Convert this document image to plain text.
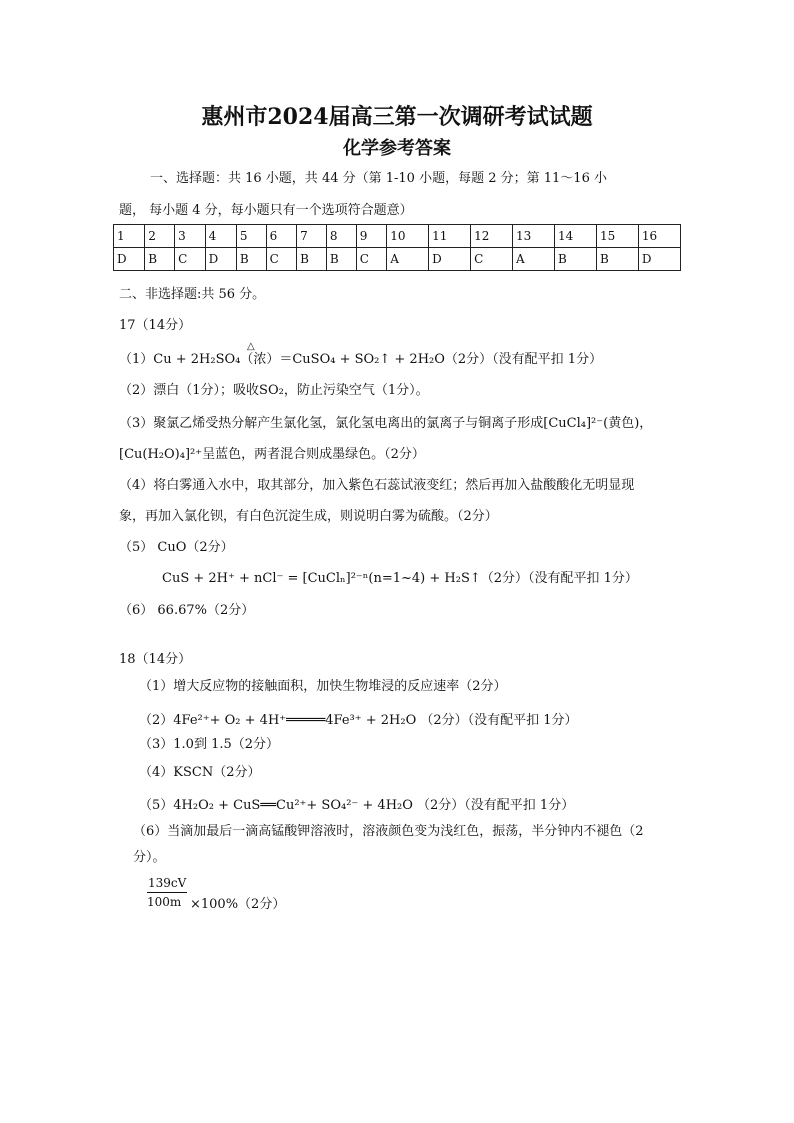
惠州市2024届高三第一次调研考试试题
化学参考答案
一、选择题：共 16 小题，共 44 分（第 1-10 小题，每题 2 分；第 11～16 小
题， 每小题 4 分，每小题只有一个选项符合题意）
1	2	3	4	5	6	7	8	9	10	11	12	13	14	15	16
D	B	C	D	B	C	B	B	C	A	D	C	A	B	B	D
二、非选择题:共 56 分。
17（14分）
△
（1）Cu + 2H₂SO₄（浓）＝CuSO₄ + SO₂↑ + 2H₂O（2分）（没有配平扣 1分）
（2）漂白（1分）；吸收SO₂，防止污染空气（1分）。
（3）聚氯乙烯受热分解产生氯化氢，氯化氢电离出的氯离子与铜离子形成[CuCl₄]²⁻(黄色)，
[Cu(H₂O)₄]²⁺呈蓝色，两者混合则成墨绿色。（2分）
（4）将白雾通入水中，取其部分，加入紫色石蕊试液变红；然后再加入盐酸酸化无明显现
象，再加入氯化钡，有白色沉淀生成，则说明白雾为硫酸。（2分）
（5） CuO（2分）
CuS + 2H⁺ + nCl⁻ = [CuClₙ]²⁻ⁿ(n=1~4) + H₂S↑（2分）（没有配平扣 1分）
（6） 66.67%（2分）
18（14分）
（1）增大反应物的接触面积，加快生物堆浸的反应速率（2分）
（2）4Fe²⁺+ O₂ + 4H⁺═════4Fe³⁺ + 2H₂O （2分）（没有配平扣 1分）
（3）1.0到 1.5（2分）
（4）KSCN（2分）
（5）4H₂O₂ + CuS══Cu²⁺+ SO₄²⁻ + 4H₂O （2分）（没有配平扣 1分）
（6）当滴加最后一滴高锰酸钾溶液时，溶液颜色变为浅红色，振荡，半分钟内不褪色（2
分）。
$\frac{139cV}{100m} \times 100\%(2$分）
